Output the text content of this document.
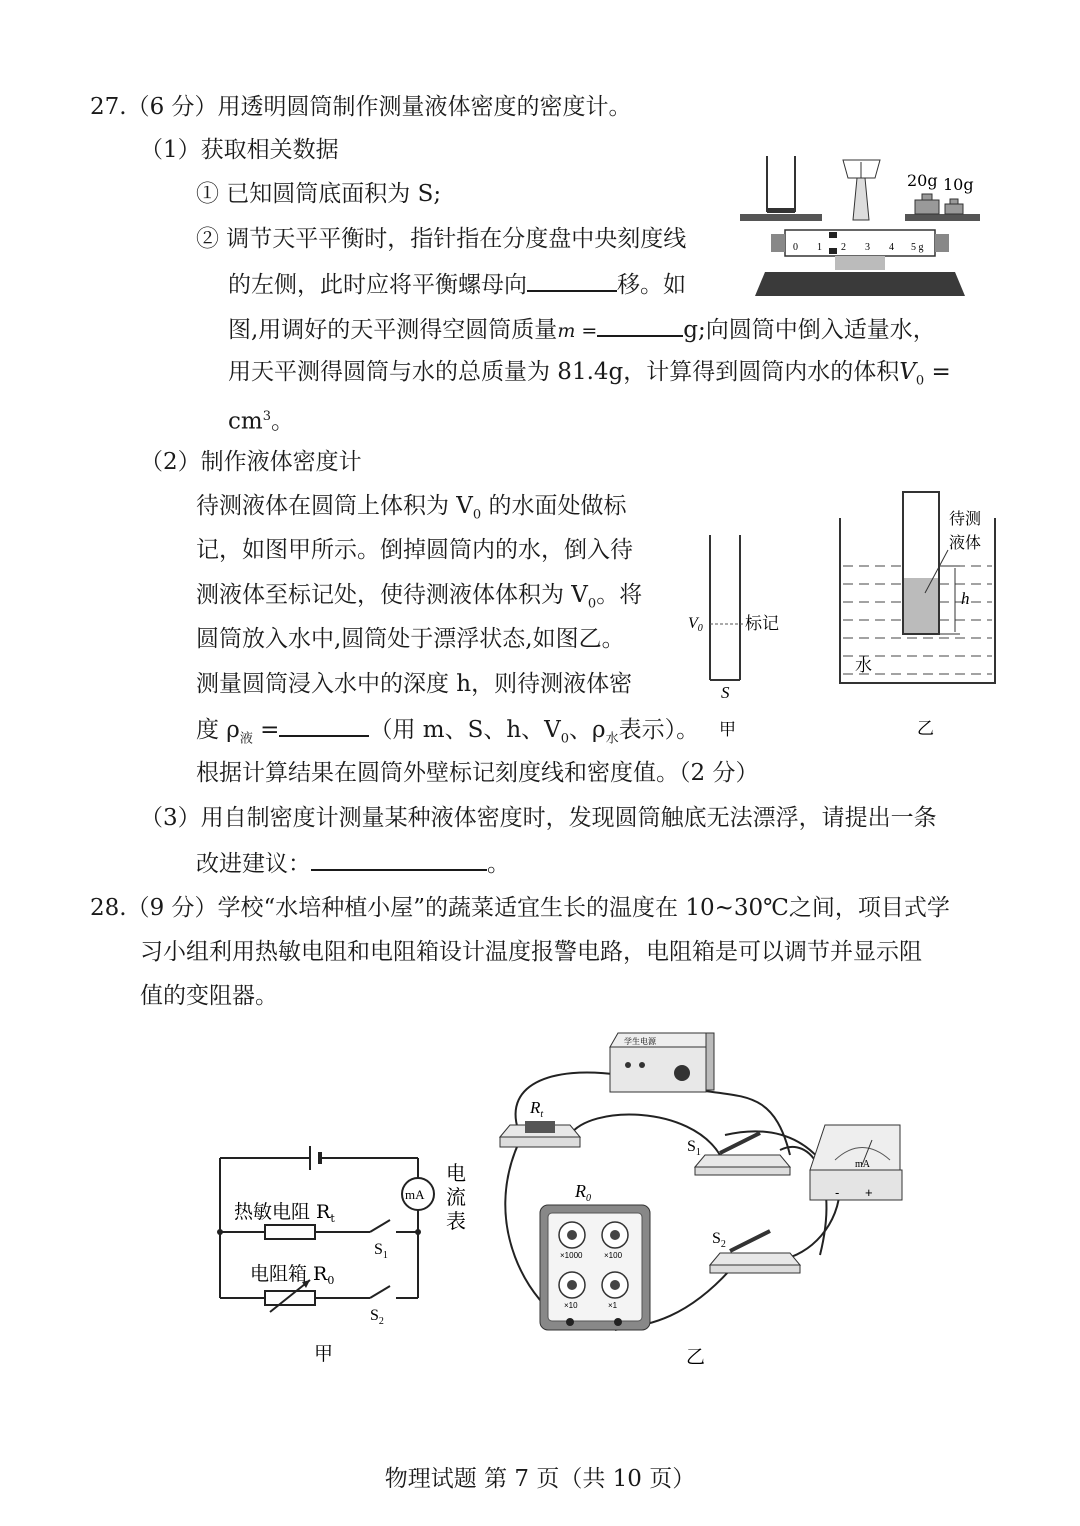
27.（6 分）用透明圆筒制作测量液体密度的密度计。
（1）获取相关数据
① 已知圆筒底面积为 S;
② 调节天平平衡时，指针指在分度盘中央刻度线
的左侧，此时应将平衡螺母向	移。如
图,用调好的天平测得空圆筒质量m =	g;向圆筒中倒入适量水，
用天平测得圆筒与水的总质量为 81.4g，计算得到圆筒内水的体积$V_0$ =
$cm^3$。
（2）制作液体密度计
待测液体在圆筒上体积为 $V_0$ 的水面处做标
记，如图甲所示。倒掉圆筒内的水，倒入待
测液体至标记处，使待测液体体积为 $V_0$。将
圆筒放入水中,圆筒处于漂浮状态,如图乙。
测量圆筒浸入水中的深度 h，则待测液体密
度 $\rho_液$ =	（用 m、S、h、$V_0$、$\rho_水$表示）。
根据计算结果在圆筒外壁标记刻度线和密度值。（2 分）
（3）用自制密度计测量某种液体密度时，发现圆筒触底无法漂浮，请提出一条
改进建议：	。
20g 10g
0 1 2 3 4 5 g
V0 标记
S
甲
待测
液体
h
水
乙
28.（9 分）学校“水培种植小屋”的蔬菜适宜生长的温度在 10~30℃之间，项目式学
习小组利用热敏电阻和电阻箱设计温度报警电路，电阻箱是可以调节并显示阻
值的变阻器。
mA
热敏电阻 $R_t$
电阻箱 $R_0$
$S_1$
$S_2$
电
流
表
甲
学生电源
$R_t$
$S_1$
$S_2$
mA
- +
$R_0$
×1000	×100
×10	×1
乙
物理试题 第 7 页（共 10 页）
